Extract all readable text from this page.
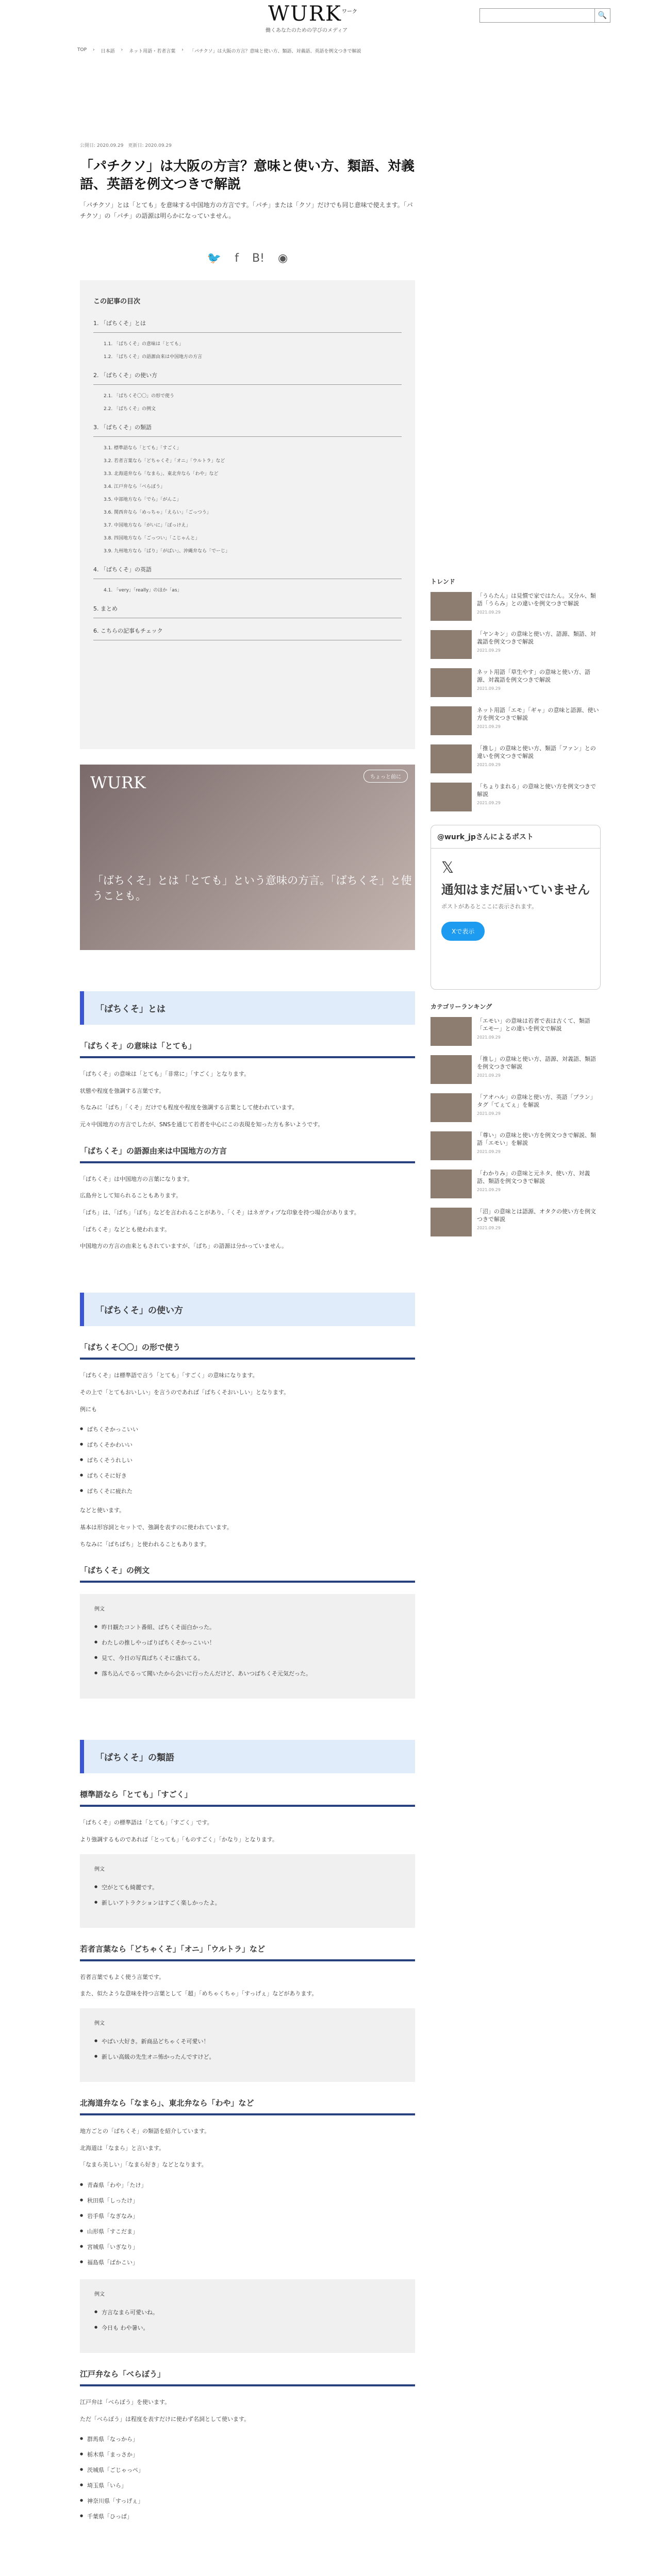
$WURK^{ワーク}$
働くあなたのための学びのメディア
🔍
TOP › 日本語 › ネット用語・若者言葉 › 「パチクソ」は大阪の方言？意味と使い方、類語、対義語、英語を例文つきで解説
公開日: 2020.09.29　 更新日: 2020.09.29
「パチクソ」は大阪の方言？意味と使い方、類語、対義語、英語を例文つきで解説
「パチクソ」とは「とても」を意味する中国地方の方言です。「パチ」または「クソ」だけでも同じ意味で使えます。「パチクソ」の「パチ」の語源は明らかになっていません。
🐦 f B! ◉
この記事の目次
1. 「ばちくそ」とは
1.1. 「ばちくそ」の意味は「とても」
1.2. 「ばちくそ」の語源由来は中国地方の方言
2. 「ばちくそ」の使い方
2.1. 「ばちくそ〇〇」の形で使う
2.2. 「ばちくそ」の例文
3. 「ばちくそ」の類語
3.1. 標準語なら「とても」「すごく」
3.2. 若者言葉なら「どちゃくそ」「オニ」「ウルトラ」など
3.3. 北海道弁なら「なまら」、東北弁なら「わや」など
3.4. 江戸弁なら「べらぼう」
3.5. 中部地方なら「でら」「がんこ」
3.6. 関西弁なら「めっちゃ」「えらい」「ごっつう」
3.7. 中国地方なら「がいに」「ぼっけえ」
3.8. 四国地方なら「ごっつい」「こじゃんと」
3.9. 九州地方なら「ばり」「がばい」、沖縄弁なら「でーじ」
4. 「ばちくそ」の英語
4.1. 「very」「really」のほか「as」
5. まとめ
6. こちらの記事もチェック
WURK	ちょっと前に
「ばちくそ」とは「とても」という意味の方言。「ばちくそ」と使うことも。
「ばちくそ」とは
「ばちくそ」の意味は「とても」

「ばちくそ」の意味は「とても」「非常に」「すごく」となります。

状態や程度を強調する言葉です。

ちなみに「ばち」「くそ」だけでも程度や程度を強調する言葉として使われています。

元々中国地方の方言でしたが、SNSを通じて若者を中心にこの表現を知った方も多いようです。

「ばちくそ」の語源由来は中国地方の方言

「ばちくそ」は中国地方の言葉になります。

広島弁として知られることもあります。

「ばち」は、「ばち」「ぼち」などを言われることがあり、「くそ」はネガティブな印象を持つ場合があります。

「ばちくそ」などとも使われます。

中国地方の方言の由来ともされていますが、「ばち」の語源は分かっていません。

「ばちくそ」の使い方
「ばちくそ〇〇」の形で使う

「ばちくそ」は標準語で言う「とても」「すごく」の意味になります。

その上で「とてもおいしい」を言うのであれば「ばちくそおいしい」となります。

例にも

● ばちくそかっこいい
● ばちくそかわいい
● ばちくそうれしい
● ばちくそに好き
● ばちくそに疲れた

などと使います。

基本は形容詞とセットで、強調を表すのに使われています。

ちなみに「ばちばち」と使われることもあります。

「ばちくそ」の例文
例文
● 昨日観たコント番組、ばちくそ面白かった。
● わたしの推しやっぱりばちくそかっこいい！
● 見て、今日の写真ばちくそに盛れてる。
● 落ち込んでるって聞いたから会いに行ったんだけど、あいつばちくそ元気だった。
「ばちくそ」の類語
標準語なら「とても」「すごく」

「ばちくそ」の標準語は「とても」「すごく」です。

より強調するものであれば「とっても」「ものすごく」「かなり」となります。

例文
● 空がとても綺麗です。
● 新しいアトラクションはすごく楽しかったよ。
若者言葉なら「どちゃくそ」「オニ」「ウルトラ」など

若者言葉でもよく使う言葉です。

また、似たような意味を持つ言葉として「超」「めちゃくちゃ」「すっげぇ」などがあります。

例文
● やばい大好き。新商品どちゃくそ可愛い！
● 新しい高級の先生オニ怖かったんですけど。
北海道弁なら「なまら」、東北弁なら「わや」など

地方ごとの「ばちくそ」の類語を紹介しています。

北海道は「なまら」と言います。

「なまら美しい」「なまら好き」などとなります。

● 青森県「わや」「たけ」
● 秋田県「しったけ」
● 岩手県「なぎなみ」
● 山形県「すこだま」
● 宮城県「いぎなり」
● 福島県「ばかこい」
例文
● 方言なまら可愛いね。
● 今日も わや暑い。
江戸弁なら「べらぼう」

江戸弁は「べらぼう」を使います。

ただ「べらぼう」は程度を表すだけに使わず名詞として使います。

● 群馬県「なっから」
● 栃木県「まっさか」
● 茨城県「ごじゃっぺ」
● 埼玉県「いら」
● 神奈川県「すっげぇ」
● 千葉県「ひっぱ」
トレンド
「うらたん」は見慣で家ではたん。又分ル、類語「うらみ」との違いを例文つきで解説
2021.09.29
「ヤンキン」の意味と使い方、語源、類語、対義語を例文つきで解説
2021.09.29
ネット用語「草生やす」の意味と使い方、語源、対義語を例文つきで解説
2021.09.29
ネット用語「エモ」「ギャ」の意味と語源、使い方を例文つきで解説
2021.09.29
「推し」の意味と使い方、類語「ファン」との違いを例文つきで解説
2021.09.29
「ちょりまれる」の意味と使い方を例文つきで解説
2021.09.29
@wurk_jpさんによるポスト
𝕏
通知はまだ届いていません
ポストがあるとここに表示されます。
Xで表示
カテゴリーランキング
「エモい」の意味は若者で表は古くて、類語「エモー」との違いを例文で解説
2021.09.29
「推し」の意味と使い方、語源、対義語、類語を例文つきで解説
2021.09.29
「アオハル」の意味と使い方、英語「ブラン」タグ「てぇてぇ」を解説
2021.09.29
「尊い」の意味と使い方を例文つきで解説、類語「エモい」を解説
2021.09.29
「わかりみ」の意味と元ネタ、使い方、対義語、類語を例文つきで解説
2021.09.29
「沼」の意味とは語源、オタクの使い方を例文つきで解説
2021.09.29
